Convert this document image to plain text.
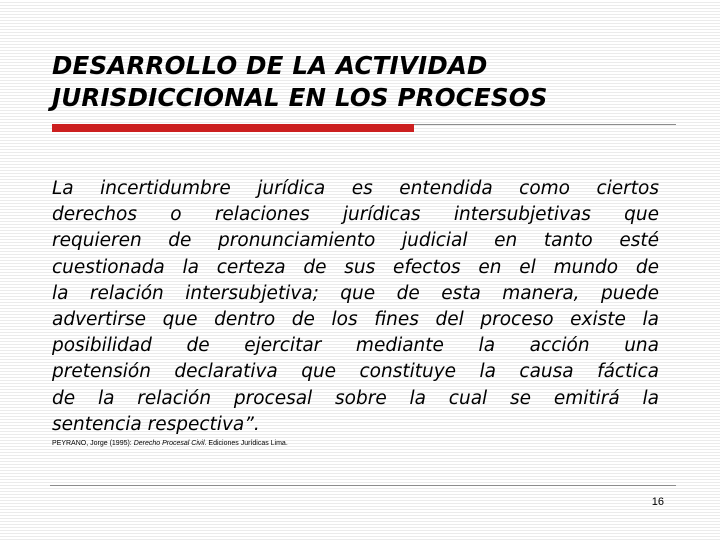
DESARROLLO DE LA ACTIVIDAD
JURISDICCIONAL EN LOS PROCESOS
La incertidumbre jurídica es entendida como ciertos
derechos o relaciones jurídicas intersubjetivas que
requieren de pronunciamiento judicial en tanto esté
cuestionada la certeza de sus efectos en el mundo de
la relación intersubjetiva; que de esta manera, puede
advertirse que dentro de los fines del proceso existe la
posibilidad de ejercitar mediante la acción una
pretensión declarativa que constituye la causa fáctica
de la relación procesal sobre la cual se emitirá la
sentencia respectiva”.

PEYRANO, Jorge (1995): Derecho Procesal Civil. Ediciones Jurídicas Lima.

16
